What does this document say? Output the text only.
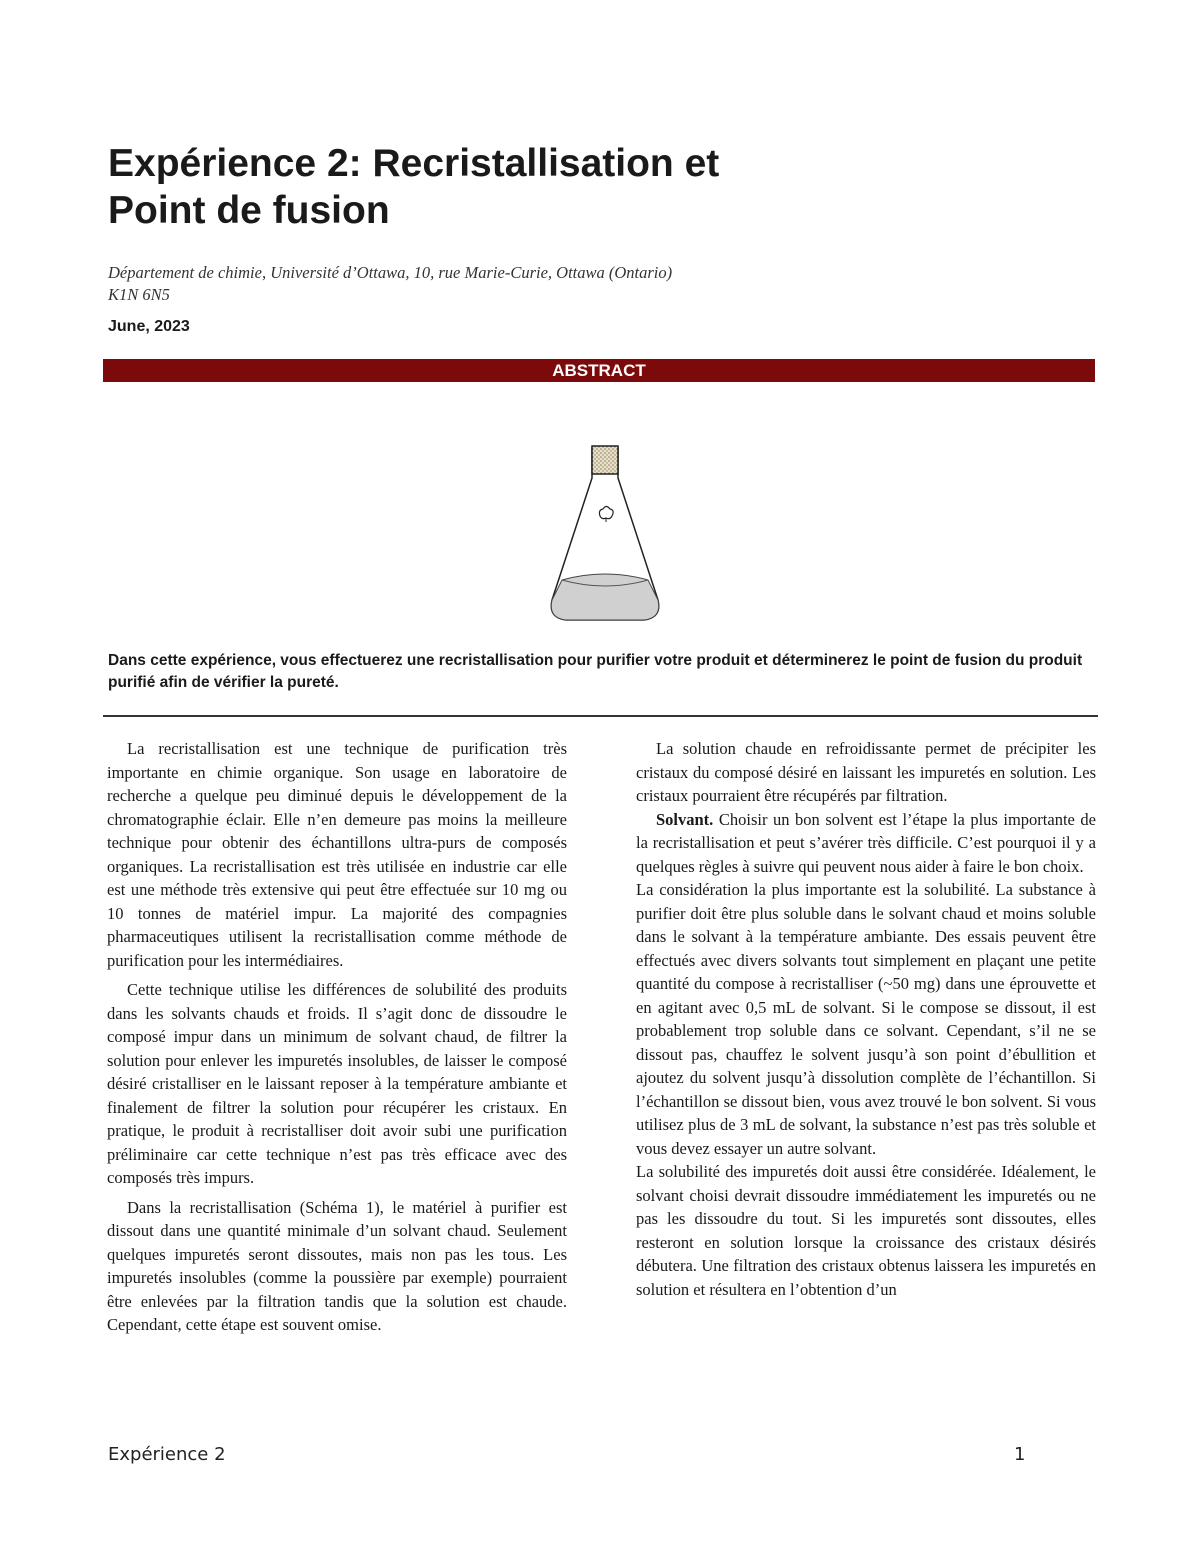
Expérience 2: Recristallisation et
Point de fusion
Département de chimie, Université d’Ottawa, 10, rue Marie-Curie, Ottawa (Ontario)
K1N 6N5
June, 2023
ABSTRACT
Dans cette expérience, vous effectuerez une recristallisation pour purifier votre produit et déterminerez le point de fusion du produit purifié afin de vérifier la pureté.

La recristallisation est une technique de purification très importante en chimie organique. Son usage en laboratoire de recherche a quelque peu diminué depuis le développement de la chromatographie éclair. Elle n’en demeure pas moins la meilleure technique pour obtenir des échantillons ultra-purs de composés organiques. La recristallisation est très utilisée en industrie car elle est une méthode très extensive qui peut être effectuée sur 10 mg ou 10 tonnes de matériel impur. La majorité des compagnies pharmaceutiques utilisent la recristallisation comme méthode de purification pour les intermédiaires.

Cette technique utilise les différences de solubilité des produits dans les solvants chauds et froids. Il s’agit donc de dissoudre le composé impur dans un minimum de solvant chaud, de filtrer la solution pour enlever les impuretés insolubles, de laisser le composé désiré cristalliser en le laissant reposer à la température ambiante et finalement de filtrer la solution pour récupérer les cristaux. En pratique, le produit à recristalliser doit avoir subi une purification préliminaire car cette technique n’est pas très efficace avec des composés très impurs.

Dans la recristallisation (Schéma 1), le matériel à purifier est dissout dans une quantité minimale d’un solvant chaud. Seulement quelques impuretés seront dissoutes, mais non pas les tous. Les impuretés insolubles (comme la poussière par exemple) pourraient être enlevées par la filtration tandis que la solution est chaude. Cependant, cette étape est souvent omise.

La solution chaude en refroidissante permet de précipiter les cristaux du composé désiré en laissant les impuretés en solution. Les cristaux pourraient être récupérés par filtration.

Solvant. Choisir un bon solvent est l’étape la plus importante de la recristallisation et peut s’avérer très difficile. C’est pourquoi il y a quelques règles à suivre qui peuvent nous aider à faire le bon choix.

La considération la plus importante est la solubilité. La substance à purifier doit être plus soluble dans le solvant chaud et moins soluble dans le solvant à la température ambiante. Des essais peuvent être effectués avec divers solvants tout simplement en plaçant une petite quantité du compose à recristalliser (~50 mg) dans une éprouvette et en agitant avec 0,5 mL de solvant. Si le compose se dissout, il est probablement trop soluble dans ce solvant. Cependant, s’il ne se dissout pas, chauffez le solvent jusqu’à son point d’ébullition et ajoutez du solvent jusqu’à dissolution complète de l’échantillon. Si l’échantillon se dissout bien, vous avez trouvé le bon solvent. Si vous utilisez plus de 3 mL de solvant, la substance n’est pas très soluble et vous devez essayer un autre solvant.

La solubilité des impuretés doit aussi être considérée. Idéalement, le solvant choisi devrait dissoudre immédiatement les impuretés ou ne pas les dissoudre du tout. Si les impuretés sont dissoutes, elles resteront en solution lorsque la croissance des cristaux désirés débutera. Une filtration des cristaux obtenus laissera les impuretés en solution et résultera en l’obtention d’un

Expérience 2	1
